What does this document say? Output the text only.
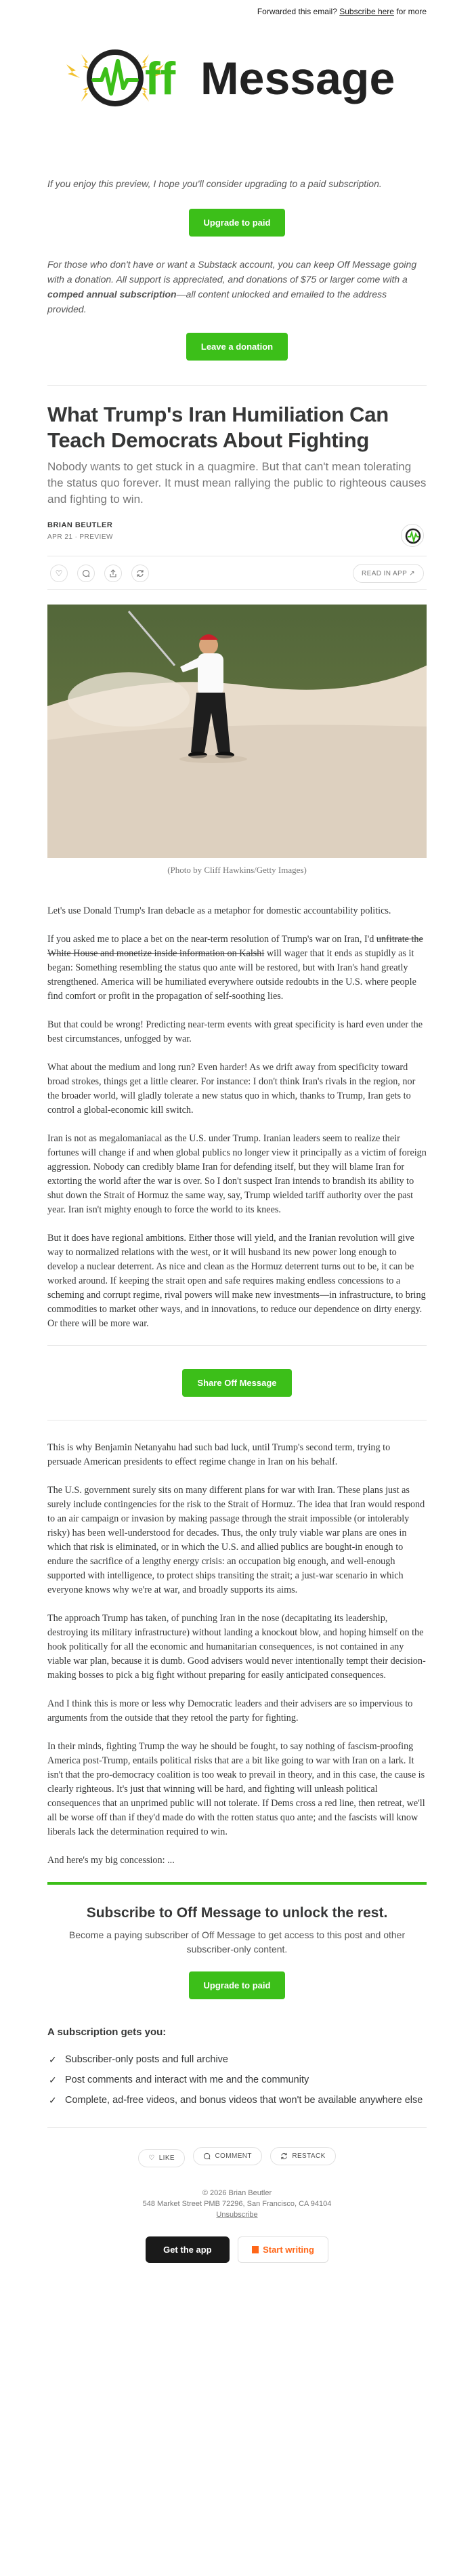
Forwarded this email? Subscribe here for more
ff Message
If you enjoy this preview, I hope you'll consider upgrading to a paid subscription.
Upgrade to paid

For those who don't have or want a Substack account, you can keep Off Message going with a donation. All support is appreciated, and donations of $75 or larger come with a comped annual subscription—all content unlocked and emailed to the address provided.

Leave a donation
What Trump's Iran Humiliation Can Teach Democrats About Fighting
Nobody wants to get stuck in a quagmire. But that can't mean tolerating the status quo forever. It must mean rallying the public to righteous causes and fighting to win.
BRIAN BEUTLER
APR 21 ∙ PREVIEW
♡	READ IN APP ↗
(Photo by Cliff Hawkins/Getty Images)

Let's use Donald Trump's Iran debacle as a metaphor for domestic accountability politics.

If you asked me to place a bet on the near-term resolution of Trump's war on Iran, I'd unfitrate the White House and monetize inside information on Kalshi will wager that it ends as stupidly as it began: Something resembling the status quo ante will be restored, but with Iran's hand greatly strengthened. America will be humiliated everywhere outside redoubts in the U.S. where people find comfort or profit in the propagation of self-soothing lies.

But that could be wrong! Predicting near-term events with great specificity is hard even under the best circumstances, unfogged by war.

What about the medium and long run? Even harder! As we drift away from specificity toward broad strokes, things get a little clearer. For instance: I don't think Iran's rivals in the region, nor the broader world, will gladly tolerate a new status quo in which, thanks to Trump, Iran gets to control a global-economic kill switch.

Iran is not as megalomaniacal as the U.S. under Trump. Iranian leaders seem to realize their fortunes will change if and when global publics no longer view it principally as a victim of foreign aggression. Nobody can credibly blame Iran for defending itself, but they will blame Iran for extorting the world after the war is over. So I don't suspect Iran intends to brandish its ability to shut down the Strait of Hormuz the same way, say, Trump wielded tariff authority over the past year. Iran isn't mighty enough to force the world to its knees.

But it does have regional ambitions. Either those will yield, and the Iranian revolution will give way to normalized relations with the west, or it will husband its new power long enough to develop a nuclear deterrent. As nice and clean as the Hormuz deterrent turns out to be, it can be worked around. If keeping the strait open and safe requires making endless concessions to a scheming and corrupt regime, rival powers will make new investments—in infrastructure, to bring commodities to market other ways, and in innovations, to reduce our dependence on dirty energy. Or there will be more war.

Share Off Message

This is why Benjamin Netanyahu had such bad luck, until Trump's second term, trying to persuade American presidents to effect regime change in Iran on his behalf.

The U.S. government surely sits on many different plans for war with Iran. These plans just as surely include contingencies for the risk to the Strait of Hormuz. The idea that Iran would respond to an air campaign or invasion by making passage through the strait impossible (or intolerably risky) has been well-understood for decades. Thus, the only truly viable war plans are ones in which that risk is eliminated, or in which the U.S. and allied publics are bought-in enough to endure the sacrifice of a lengthy energy crisis: an occupation big enough, and well-enough supported with intelligence, to protect ships transiting the strait; a just-war scenario in which everyone knows why we're at war, and broadly supports its aims.

The approach Trump has taken, of punching Iran in the nose (decapitating its leadership, destroying its military infrastructure) without landing a knockout blow, and hoping himself on the hook politically for all the economic and humanitarian consequences, is not contained in any viable war plan, because it is dumb. Good advisers would never intentionally tempt their decision-making bosses to pick a big fight without preparing for easily anticipated consequences.

And I think this is more or less why Democratic leaders and their advisers are so impervious to arguments from the outside that they retool the party for fighting.

In their minds, fighting Trump the way he should be fought, to say nothing of fascism-proofing America post-Trump, entails political risks that are a bit like going to war with Iran on a lark. It isn't that the pro-democracy coalition is too weak to prevail in theory, and in this case, the cause is clearly righteous. It's just that winning will be hard, and fighting will unleash political consequences that an unprimed public will not tolerate. If Dems cross a red line, then retreat, we'll all be worse off than if they'd made do with the rotten status quo ante; and the fascists will know liberals lack the determination required to win.

And here's my big concession: ...

Subscribe to Off Message to unlock the rest.
Become a paying subscriber of Off Message to get access to this post and other subscriber-only content.
Upgrade to paid
A subscription gets you:
✓ Subscriber-only posts and full archive
✓ Post comments and interact with me and the community
✓ Complete, ad-free videos, and bonus videos that won't be available anywhere else
♡ LIKE
	COMMENT
	RESTACK
© 2026 Brian Beutler
548 Market Street PMB 72296, San Francisco, CA 94104
Unsubscribe
Get the app	Start writing
